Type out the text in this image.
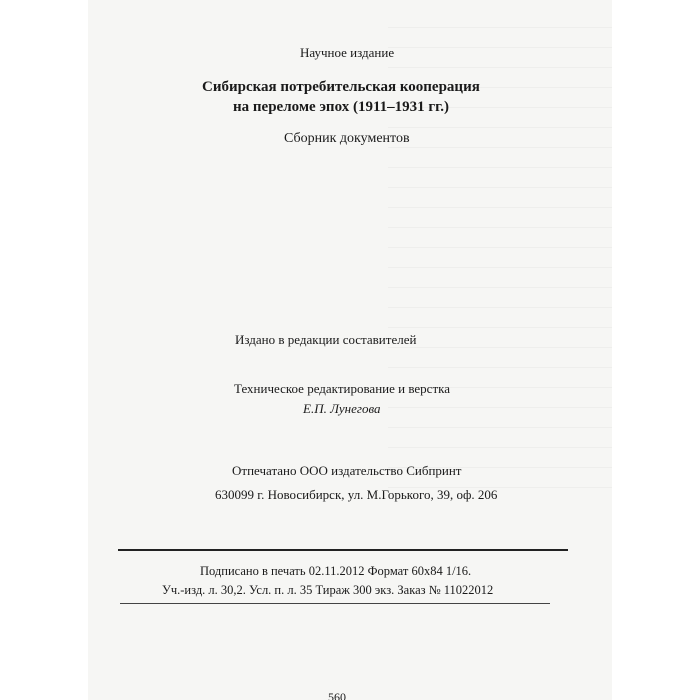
Научное издание
Сибирская потребительская кооперация
на переломе эпох (1911–1931 гг.)
Сборник документов
Издано в редакции составителей
Техническое редактирование и верстка
Е.П. Лунегова
Отпечатано ООО издательство Сибпринт
630099 г. Новосибирск, ул. М.Горького, 39, оф. 206
Подписано в печать 02.11.2012 Формат 60x84 1/16.
Уч.-изд. л. 30,2. Усл. п. л. 35 Тираж 300 экз. Заказ № 11022012
560
